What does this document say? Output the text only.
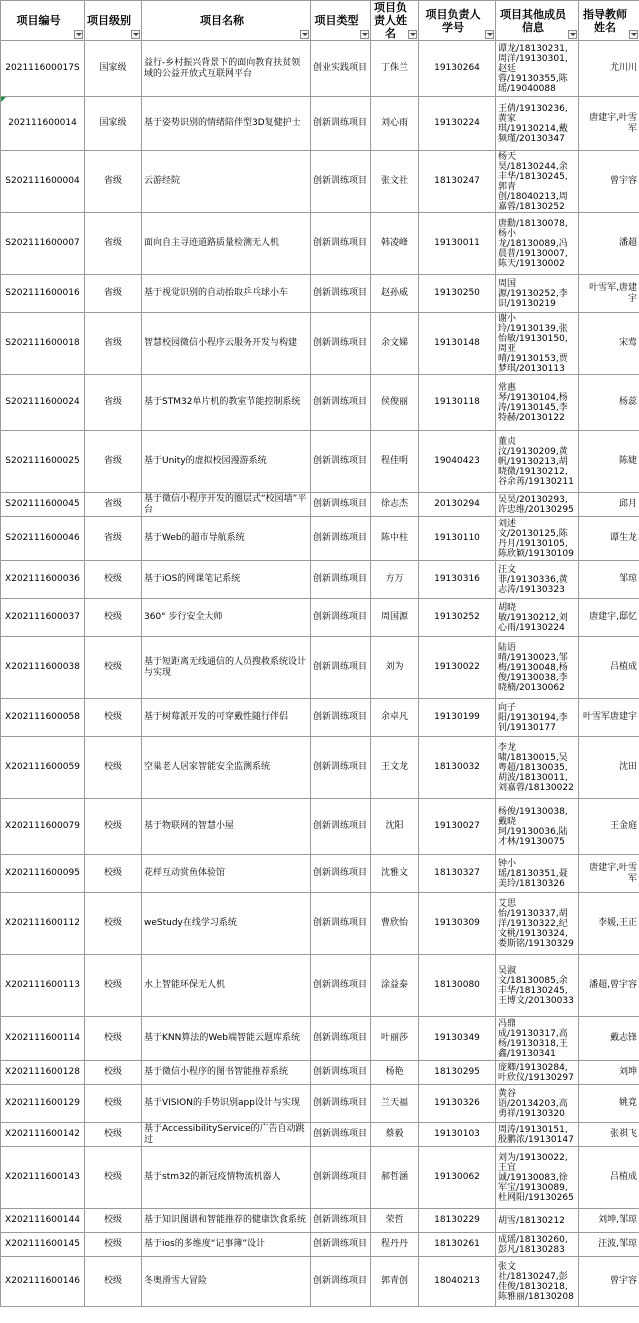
项目编号	项目级别	项目名称	项目类型	项目负责人姓名	项目负责人学号	项目其他成员信息	指导教师姓名

202111600017S	国家级	益行-乡村振兴背景下的面向教育扶贫领域的公益开放式互联网平台	创业实践项目	丁侏兰	19130264	谭龙/18130231,周洋/19130301,赵廷蓉/19130355,陈瑶/19040088	尤川川
202111600014	国家级	基于姿势识别的情绪陪伴型3D复健护士	创新训练项目	刘心雨	19130224	王倩/19130236,黄家琪/19130214,戴频瑾/20130347	唐建宇,叶雪军
S202111600004	省级	云游经院	创新训练项目	张文社	18130247	杨天昊/18130244,余丰华/18130245,郭青创/18040213,周嘉蓉/18130252	曾宇容
S202111600007	省级	面向自主寻迹道路质量检测无人机	创新训练项目	韩凌峰	19130011	唐勳/18130078,杨小龙/18130089,冯晨普/19130007,陈天/19130002	潘超
S202111600016	省级	基于视觉识别的自动抬取乒乓球小车	创新训练项目	赵孙威	19130250	周国源/19130252,李识/19130219	叶雪军,唐建宇
S202111600018	省级	智慧校园微信小程序云服务开发与构建	创新训练项目	余文娣	19130148	谢小玲/19130139,张怡敏/19130150,周亚晴/19130153,贾梦琪/20130113	宋莺
S202111600024	省级	基于STM32单片机的教室节能控制系统	创新训练项目	侯俊丽	19130118	常惠琴/19130104,杨涛/19130145,李特赫/20130122	杨蕊
S202111600025	省级	基于Unity的虚拟校园漫游系统	创新训练项目	程佳明	19040423	董贞汶/19130209,黄帆/19130213,胡晓微/19130212,谷余苒/19130211	陈婕
S202111600045	省级	基于微信小程序开发的圈层式“校园墙”平台	创新训练项目	徐志杰	20130294	吴昊/20130293,许忠维/20130295	邱月
S202111600046	省级	基于Web的超市导航系统	创新训练项目	陈中柱	19130110	刘述文/20130125,陈丹月/19130105,陈欣颖/19130109	谭生龙
X202111600036	校级	基于iOS的网课笔记系统	创新训练项目	方万	19130316	汪文菲/19130336,黄志涛/19130323	邹琼
X202111600037	校级	360° 步行安全大师	创新训练项目	周国源	19130252	胡晓敏/19130212,刘心雨/19130224	唐建宇,邸忆
X202111600038	校级	基于短距离无线通信的人员搜救系统设计与实现	创新训练项目	刘为	19130022	陆语晴/19130023,邹梅/19130048,杨俊/19130038,李晓楠/20130062	吕植成
X202111600058	校级	基于树莓派开发的可穿戴性随行伴侣	创新训练项目	余卓凡	19130199	向子阳/19130194,李钊/19130177	叶雪军唐建宇
X202111600059	校级	空巢老人居家智能安全监测系统	创新训练项目	王文龙	18130032	李龙啸/18130015,吴粤超/18130035,胡波/18130011,刘嘉蓉/18130022	沈田
X202111600079	校级	基于物联网的智慧小屋	创新训练项目	沈阳	19130027	杨俊/19130038,戴晓珂/19130036,陆才林/19130075	王金庭
X202111600095	校级	花样互动赏鱼体验馆	创新训练项目	沈雅文	18130327	钟小瑶/18130351,聂美玲/18130326	唐建宇,叶雪军
X202111600112	校级	weStudy在线学习系统	创新训练项目	曹欣怡	19130309	艾思怡/19130337,胡洋/19130322,纪文桃/19130324,娄斯铭/19130329	李媛,王正
X202111600113	校级	水上智能环保无人机	创新训练项目	涂益泰	18130080	吴淑文/18130085,余丰华/18130245,王博文/20130033	潘超,曾宇容
X202111600114	校级	基于KNN算法的Web端智能云题库系统	创新训练项目	叶丽莎	19130349	冯鼎成/19130317,高杨/19130318,王鑫/19130341	戴志锋
X202111600128	校级	基于微信小程序的图书智能推荐系统	创新训练项目	杨艳	18130295	庞卿/19130284,叶欣仪/19130297	刘坤
X202111600129	校级	基于VISION的手势识别app设计与实现	创新训练项目	兰天福	19130326	黄谷语/20134203,高勇祥/19130320	姚竟
X202111600142	校级	基于AccessibilityService的广告自动跳过	创新训练项目	蔡毅	19130103	周涛/19130151,殷鹏浓/19130147	张祺飞
X202111600143	校级	基于stm32的新冠疫情物流机器人	创新训练项目	郝哲涵	19130062	刘为/19130022,王宜诚/19130083,徐军宝/19130089,杜网阳/19130265	吕植成
X202111600144	校级	基于知识图谱和智能推荐的健康饮食系统	创新训练项目	荣哲	18130229	胡雪/18130212	刘坤,邹琼
X202111600145	校级	基于ios的多维度“记事簿”设计	创新训练项目	程丹丹	18130261	成瑶/18130260,彭凡/18130283	汪波,邹琼
X202111600146	校级	冬奥滑雪大冒险	创新训练项目	郭青创	18040213	张文社/18130247,彭佳俊/18130218,陈雅丽/18130208	曾宇容
